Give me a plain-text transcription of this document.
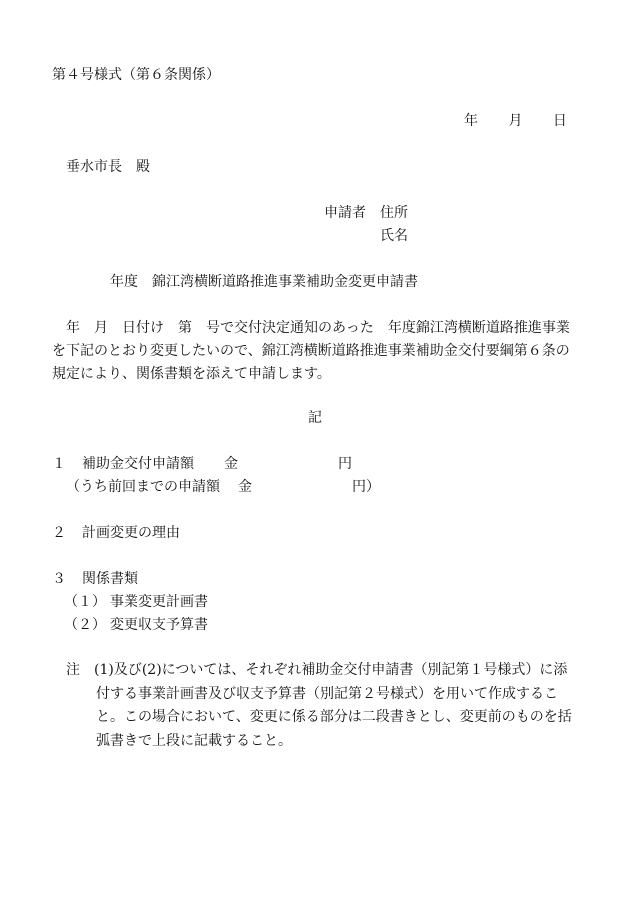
第４号様式（第６条関係）
年 月 日
垂水市長　殿
申請者 住所
氏名
年度　錦江湾横断道路推進事業補助金変更申請書
　年　月　日付け　第　号で交付決定通知のあった　年度錦江湾横断道路推進事業
を下記のとおり変更したいので、錦江湾横断道路推進事業補助金交付要綱第６条の
規定により、関係書類を添えて申請します。
記
１ 補助金交付申請額 金	円
（うち前回までの申請額 金	円）
２ 計画変更の理由
３ 関係書類
（１） 事業変更計画書
（２） 変更収支予算書
注　 (1)及び(2)については、それぞれ補助金交付申請書（別記第１号様式）に添付する事業計画書及び収支予算書（別記第２号様式）を用いて作成すること。この場合において、変更に係る部分は二段書きとし、変更前のものを括弧書きで上段に記載すること。
